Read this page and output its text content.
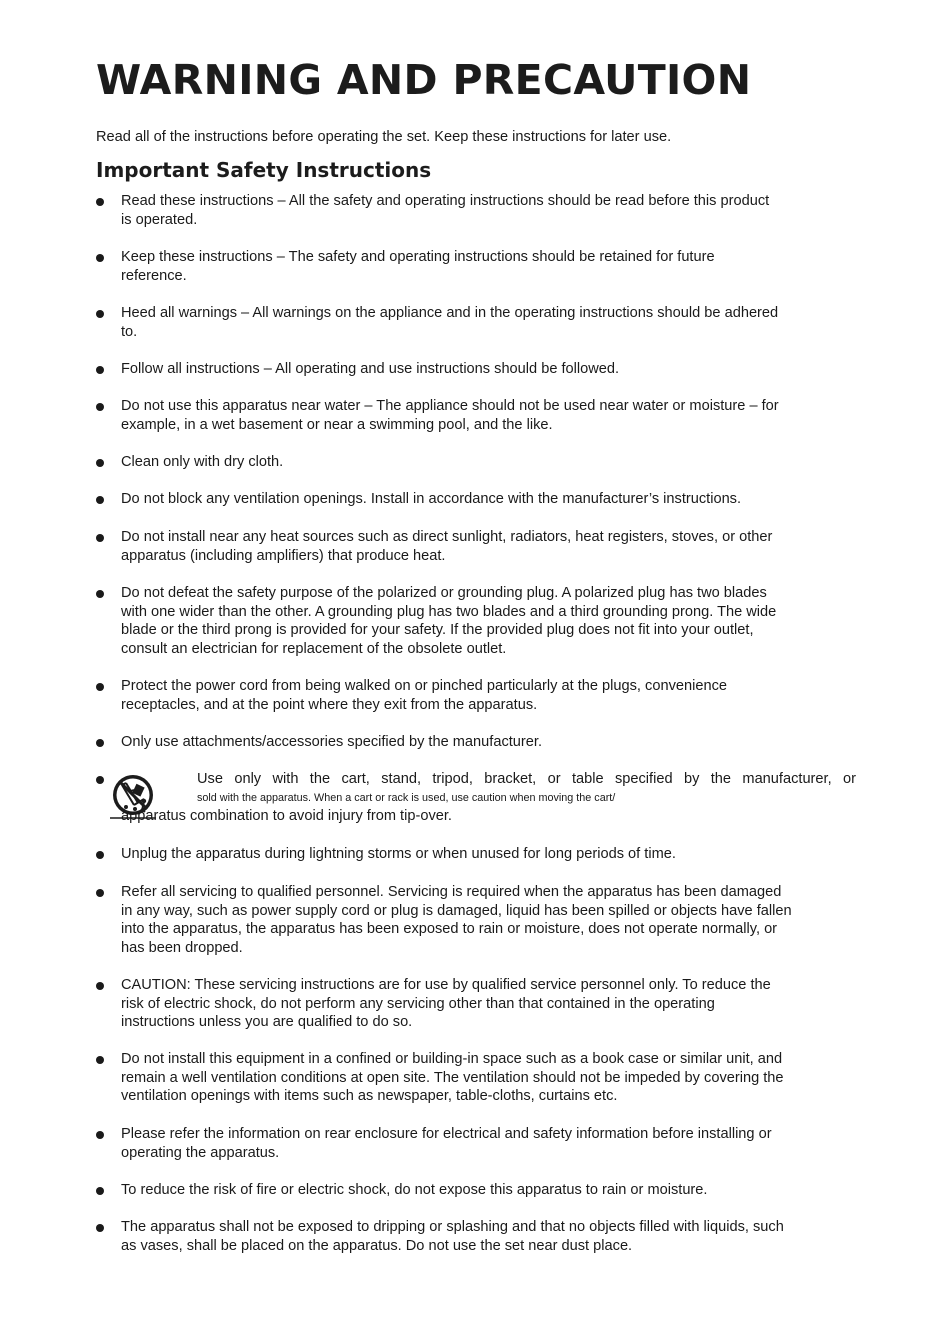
WARNING AND PRECAUTION

Read all of the instructions before operating the set. Keep these instructions for later use.

Important Safety Instructions

Read these instructions – All the safety and operating instructions should be read before this product
is operated.

Keep these instructions – The safety and operating instructions should be retained for future
reference.

Heed all warnings – All warnings on the appliance and in the operating instructions should be adhered
to.

Follow all instructions – All operating and use instructions should be followed.

Do not use this apparatus near water – The appliance should not be used near water or moisture – for
example, in a wet basement or near a swimming pool, and the like.

Clean only with dry cloth.

Do not block any ventilation openings. Install in accordance with the manufacturer’s instructions.

Do not install near any heat sources such as direct sunlight, radiators, heat registers, stoves, or other
apparatus (including amplifiers) that produce heat.

Do not defeat the safety purpose of the polarized or grounding plug. A polarized plug has two blades
with one wider than the other. A grounding plug has two blades and a third grounding prong. The wide
blade or the third prong is provided for your safety. If the provided plug does not fit into your outlet,
consult an electrician for replacement of the obsolete outlet.

Protect the power cord from being walked on or pinched particularly at the plugs, convenience
receptacles, and at the point where they exit from the apparatus.

Only use attachments/accessories specified by the manufacturer.

Use only with the cart, stand, tripod, bracket, or table specified by the manufacturer, or
sold with the apparatus. When a cart or rack is used, use caution when moving the cart/
apparatus combination to avoid injury from tip-over.

Unplug the apparatus during lightning storms or when unused for long periods of time.

Refer all servicing to qualified personnel. Servicing is required when the apparatus has been damaged
in any way, such as power supply cord or plug is damaged, liquid has been spilled or objects have fallen
into the apparatus, the apparatus has been exposed to rain or moisture, does not operate normally, or
has been dropped.

CAUTION: These servicing instructions are for use by qualified service personnel only. To reduce the
risk of electric shock, do not perform any servicing other than that contained in the operating
instructions unless you are qualified to do so.

Do not install this equipment in a confined or building-in space such as a book case or similar unit, and
remain a well ventilation conditions at open site. The ventilation should not be impeded by covering the
ventilation openings with items such as newspaper, table-cloths, curtains etc.

Please refer the information on rear enclosure for electrical and safety information before installing or
operating the apparatus.

To reduce the risk of fire or electric shock, do not expose this apparatus to rain or moisture.

The apparatus shall not be exposed to dripping or splashing and that no objects filled with liquids, such
as vases, shall be placed on the apparatus. Do not use the set near dust place.
